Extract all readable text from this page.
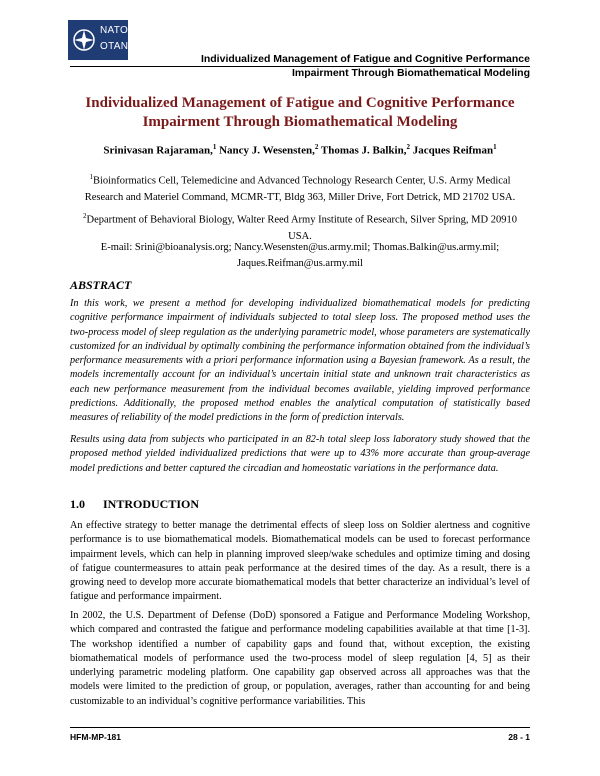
NATO
OTAN
Individualized Management of Fatigue and Cognitive Performance
Impairment Through Biomathematical Modeling
Individualized Management of Fatigue and Cognitive Performance
Impairment Through Biomathematical Modeling
Srinivasan Rajaraman,$^1$ Nancy J. Wesensten,$^2$ Thomas J. Balkin,$^2$ Jacques Reifman$^1$
$^1$Bioinformatics Cell, Telemedicine and Advanced Technology Research Center, U.S. Army Medical
Research and Materiel Command, MCMR-TT, Bldg 363, Miller Drive, Fort Detrick, MD 21702 USA.
$^2$Department of Behavioral Biology, Walter Reed Army Institute of Research, Silver Spring, MD 20910
USA.
E-mail: Srini@bioanalysis.org; Nancy.Wesensten@us.army.mil; Thomas.Balkin@us.army.mil;
Jaques.Reifman@us.army.mil
ABSTRACT
In this work, we present a method for developing individualized biomathematical models for predicting cognitive performance impairment of individuals subjected to total sleep loss. The proposed method uses the two-process model of sleep regulation as the underlying parametric model, whose parameters are systematically customized for an individual by optimally combining the performance information obtained from the individual’s performance measurements with a priori performance information using a Bayesian framework. As a result, the models incrementally account for an individual’s uncertain initial state and unknown trait characteristics as each new performance measurement from the individual becomes available, yielding improved performance predictions. Additionally, the proposed method enables the analytical computation of statistically based measures of reliability of the model predictions in the form of prediction intervals.
Results using data from subjects who participated in an 82-h total sleep loss laboratory study showed that the proposed method yielded individualized predictions that were up to 43% more accurate than group-average model predictions and better captured the circadian and homeostatic variations in the performance data.
1.0 INTRODUCTION
An effective strategy to better manage the detrimental effects of sleep loss on Soldier alertness and cognitive performance is to use biomathematical models. Biomathematical models can be used to forecast performance impairment levels, which can help in planning improved sleep/wake schedules and optimize timing and dosing of fatigue countermeasures to attain peak performance at the desired times of the day. As a result, there is a growing need to develop more accurate biomathematical models that better characterize an individual’s level of fatigue and performance impairment.
In 2002, the U.S. Department of Defense (DoD) sponsored a Fatigue and Performance Modeling Workshop, which compared and contrasted the fatigue and performance modeling capabilities available at that time [1-3]. The workshop identified a number of capability gaps and found that, without exception, the existing biomathematical models of performance used the two-process model of sleep regulation [4, 5] as their underlying parametric modeling platform. One capability gap observed across all approaches was that the models were limited to the prediction of group, or population, averages, rather than accounting for and being customizable to an individual’s cognitive performance variabilities. This
HFM-MP-181	28 - 1
